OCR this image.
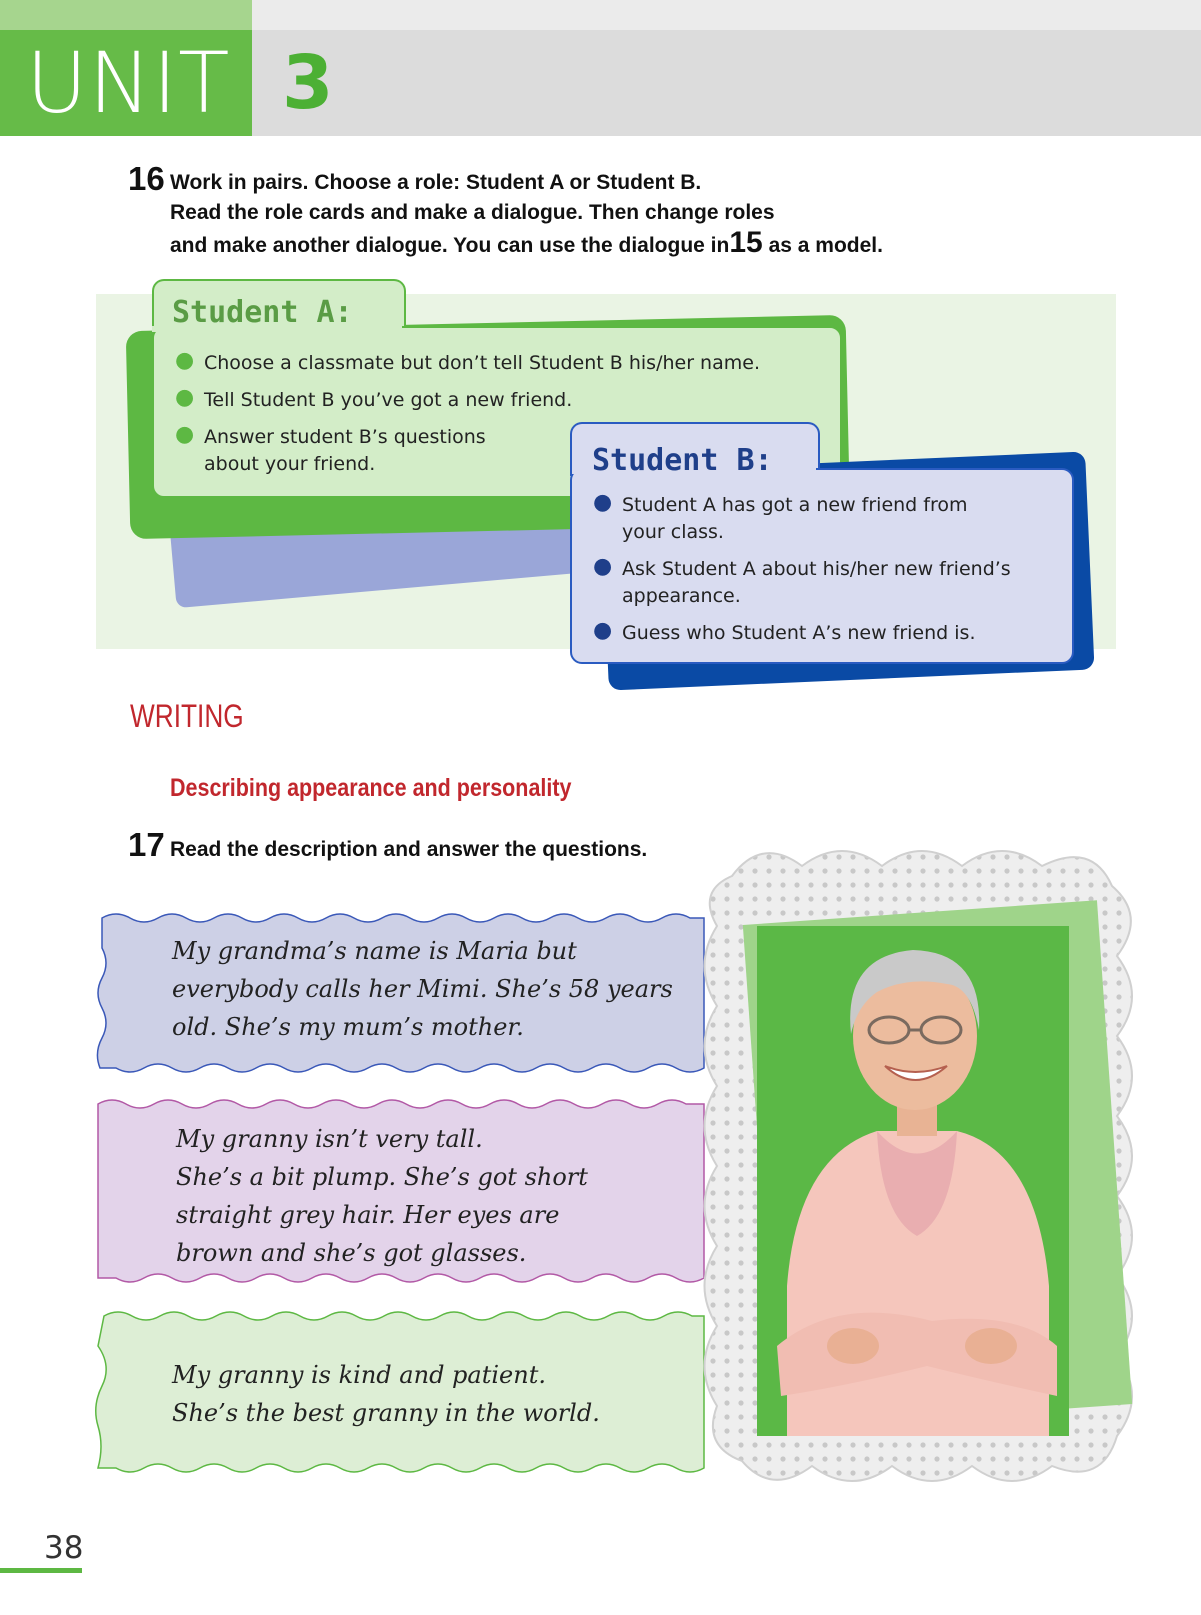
UNIT 3
16 Work in pairs. Choose a role: Student A or Student B.
Read the role cards and make a dialogue. Then change roles
and make another dialogue. You can use the dialogue in15 as a model.
● Choose a classmate but don’t tell Student B his/her name.
● Tell Student B you’ve got a new friend.
● Answer student B’s questions
about your friend.
Student A:
● Student A has got a new friend from
your class.
● Ask Student A about his/her new friend’s
appearance.
● Guess who Student A’s new friend is.
Student B:
WRITING
Describing appearance and personality
17 Read the description and answer the questions.
My grandma’s name is Maria but
everybody calls her Mimi. She’s 58 years
old. She’s my mum’s mother.
My granny isn’t very tall.
She’s a bit plump. She’s got short
straight grey hair. Her eyes are
brown and she’s got glasses.
My granny is kind and patient.
She’s the best granny in the world.
38
